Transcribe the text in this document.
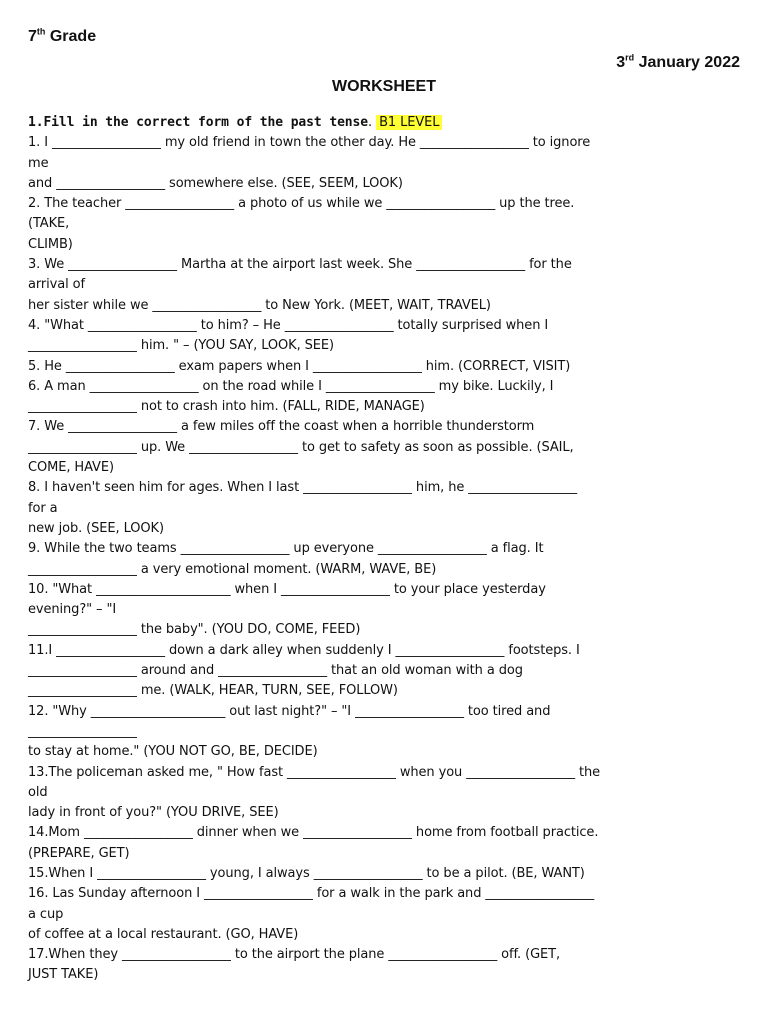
7th Grade
3rd January 2022
WORKSHEET
1.Fill in the correct form of the past tense. B1 LEVEL
1. I _________________ my old friend in town the other day. He _________________ to ignore
me
and _________________ somewhere else. (SEE, SEEM, LOOK)
2. The teacher _________________ a photo of us while we _________________ up the tree.
(TAKE,
CLIMB)
3. We _________________ Martha at the airport last week. She _________________ for the
arrival of
her sister while we _________________ to New York. (MEET, WAIT, TRAVEL)
4. "What _________________ to him? – He _________________ totally surprised when I
_________________ him. " – (YOU SAY, LOOK, SEE)
5. He _________________ exam papers when I _________________ him. (CORRECT, VISIT)
6. A man _________________ on the road while I _________________ my bike. Luckily, I
_________________ not to crash into him. (FALL, RIDE, MANAGE)
7. We _________________ a few miles off the coast when a horrible thunderstorm
_________________ up. We _________________ to get to safety as soon as possible. (SAIL,
COME, HAVE)
8. I haven't seen him for ages. When I last _________________ him, he _________________
for a
new job. (SEE, LOOK)
9. While the two teams _________________ up everyone _________________ a flag. It
_________________ a very emotional moment. (WARM, WAVE, BE)
10. "What _____________________ when I _________________ to your place yesterday
evening?" – "I
_________________ the baby". (YOU DO, COME, FEED)
11.I _________________ down a dark alley when suddenly I _________________ footsteps. I
_________________ around and _________________ that an old woman with a dog
_________________ me. (WALK, HEAR, TURN, SEE, FOLLOW)
12. "Why _____________________ out last night?" – "I _________________ too tired and
_________________
to stay at home." (YOU NOT GO, BE, DECIDE)
13.The policeman asked me, " How fast _________________ when you _________________ the
old
lady in front of you?" (YOU DRIVE, SEE)
14.Mom _________________ dinner when we _________________ home from football practice.
(PREPARE, GET)
15.When I _________________ young, I always _________________ to be a pilot. (BE, WANT)
16. Las Sunday afternoon I _________________ for a walk in the park and _________________
a cup
of coffee at a local restaurant. (GO, HAVE)
17.When they _________________ to the airport the plane _________________ off. (GET,
JUST TAKE)
